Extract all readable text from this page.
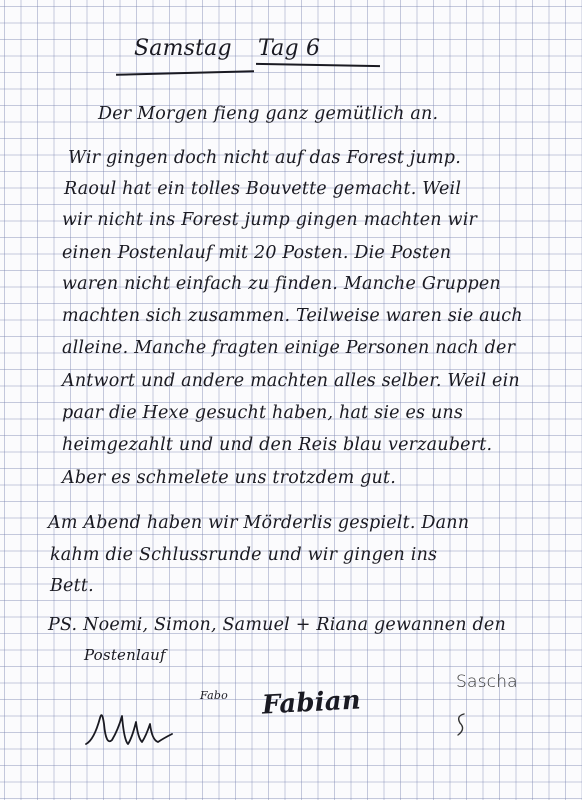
Samstag Tag 6
Der Morgen fieng ganz gemütlich an.
Wir gingen doch nicht auf das Forest jump.
Raoul hat ein tolles Bouvette gemacht. Weil
wir nicht ins Forest jump gingen machten wir
einen Postenlauf mit 20 Posten. Die Posten
waren nicht einfach zu finden. Manche Gruppen
machten sich zusammen. Teilweise waren sie auch
alleine. Manche fragten einige Personen nach der
Antwort und andere machten alles selber. Weil ein
paar die Hexe gesucht haben, hat sie es uns
heimgezahlt und und den Reis blau verzaubert.
Aber es schmelete uns trotzdem gut.
Am Abend haben wir Mörderlis gespielt. Dann
kahm die Schlussrunde und wir gingen ins
Bett.
PS. Noemi, Simon, Samuel + Riana gewannen den
Postenlauf
Fabo Fabian
Sascha
